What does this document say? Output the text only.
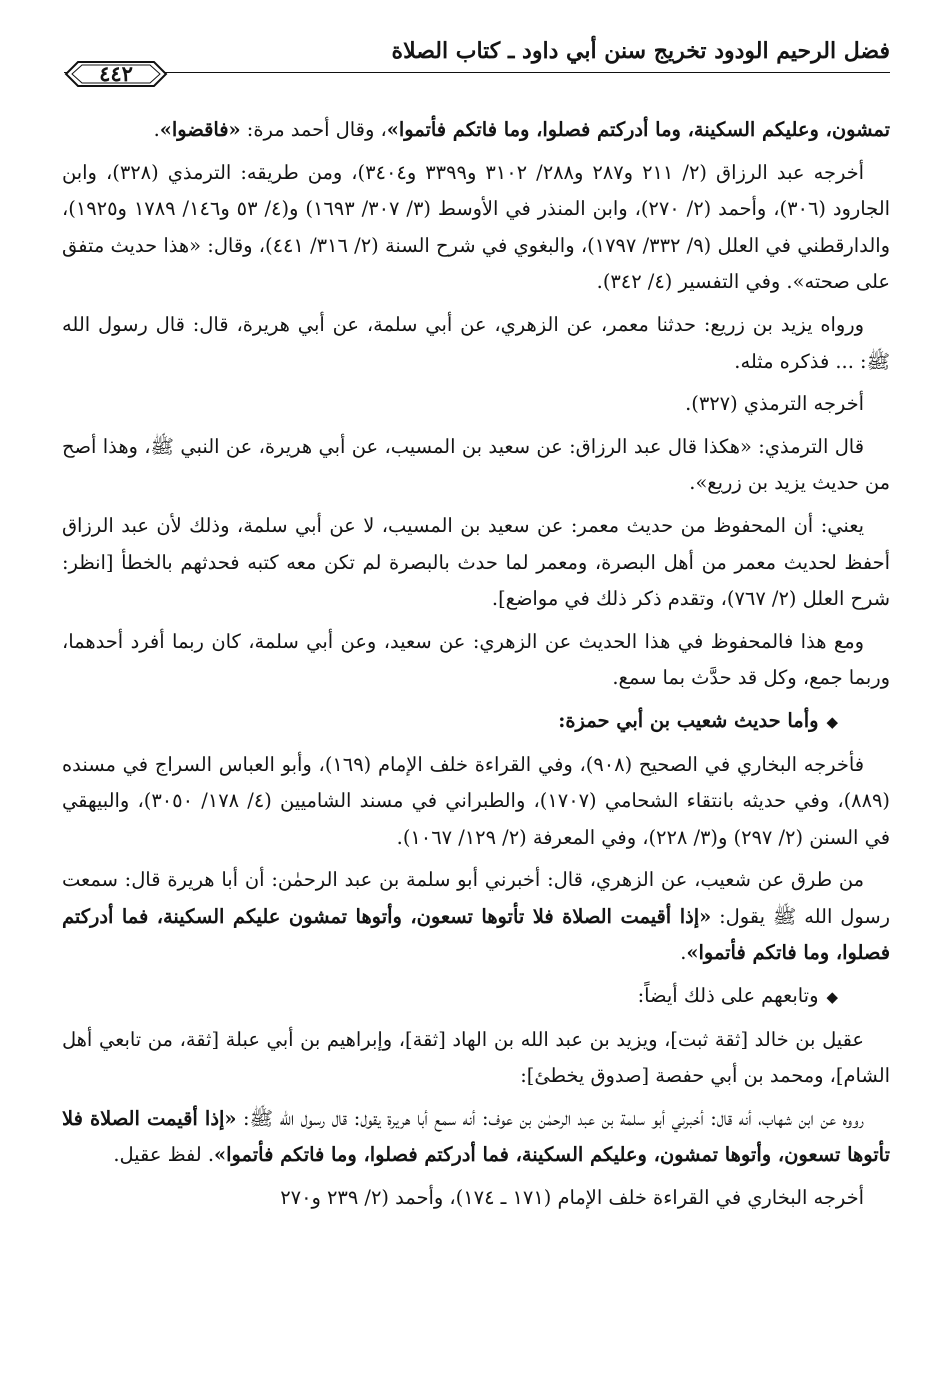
فضل الرحيم الودود تخريج سنن أبي داود ـ كتاب الصلاة
٤٤٢

تمشون، وعليكم السكينة، وما أدركتم فصلوا، وما فاتكم فأتموا»، وقال أحمد مرة: «فاقضوا».

أخرجه عبد الرزاق (٢/ ٢١١ و٢٨٧ و٢٨٨/ ٣١٠٢ و٣٣٩٩ و٣٤٠٤)، ومن طريقه: الترمذي (٣٢٨)، وابن الجارود (٣٠٦)، وأحمد (٢/ ٢٧٠)، وابن المنذر في الأوسط (٣/ ٣٠٧/ ١٦٩٣) و(٤/ ٥٣ و١٤٦/ ١٧٨٩ و١٩٢٥)، والدارقطني في العلل (٩/ ٣٣٢/ ١٧٩٧)، والبغوي في شرح السنة (٢/ ٣١٦/ ٤٤١)، وقال: «هذا حديث متفق على صحته». وفي التفسير (٤/ ٣٤٢).

ورواه يزيد بن زريع: حدثنا معمر، عن الزهري، عن أبي سلمة، عن أبي هريرة، قال: قال رسول الله ﷺ: ... فذكره مثله.

أخرجه الترمذي (٣٢٧).

قال الترمذي: «هكذا قال عبد الرزاق: عن سعيد بن المسيب، عن أبي هريرة، عن النبي ﷺ، وهذا أصح من حديث يزيد بن زريع».

يعني: أن المحفوظ من حديث معمر: عن سعيد بن المسيب، لا عن أبي سلمة، وذلك لأن عبد الرزاق أحفظ لحديث معمر من أهل البصرة، ومعمر لما حدث بالبصرة لم تكن معه كتبه فحدثهم بالخطأ [انظر: شرح العلل (٢/ ٧٦٧)، وتقدم ذكر ذلك في مواضع].

ومع هذا فالمحفوظ في هذا الحديث عن الزهري: عن سعيد، وعن أبي سلمة، كان ربما أفرد أحدهما، وربما جمع، وكل قد حدَّث بما سمع.

◆وأما حديث شعيب بن أبي حمزة:

فأخرجه البخاري في الصحيح (٩٠٨)، وفي القراءة خلف الإمام (١٦٩)، وأبو العباس السراج في مسنده (٨٨٩)، وفي حديثه بانتقاء الشحامي (١٧٠٧)، والطبراني في مسند الشاميين (٤/ ١٧٨/ ٣٠٥٠)، والبيهقي في السنن (٢/ ٢٩٧) و(٣/ ٢٢٨)، وفي المعرفة (٢/ ١٢٩/ ١٠٦٧).

من طرق عن شعيب، عن الزهري، قال: أخبرني أبو سلمة بن عبد الرحمٰن: أن أبا هريرة قال: سمعت رسول الله ﷺ يقول: «إذا أقيمت الصلاة فلا تأتوها تسعون، وأتوها تمشون عليكم السكينة، فما أدركتم فصلوا، وما فاتكم فأتموا».

◆وتابعهم على ذلك أيضاً:

عقيل بن خالد [ثقة ثبت]، ويزيد بن عبد الله بن الهاد [ثقة]، وإبراهيم بن أبي عبلة [ثقة، من تابعي أهل الشام]، ومحمد بن أبي حفصة [صدوق يخطئ]:

رووه عن ابن شهاب، أنه قال: أخبرني أبو سلمة بن عبد الرحمٰن بن عوف: أنه سمع أبا هريرة يقول: قال رسول الله ﷺ: «إذا أقيمت الصلاة فلا تأتوها تسعون، وأتوها تمشون، وعليكم السكينة، فما أدركتم فصلوا، وما فاتكم فأتموا». لفظ عقيل.

أخرجه البخاري في القراءة خلف الإمام (١٧١ ـ ١٧٤)، وأحمد (٢/ ٢٣٩ و٢٧٠
